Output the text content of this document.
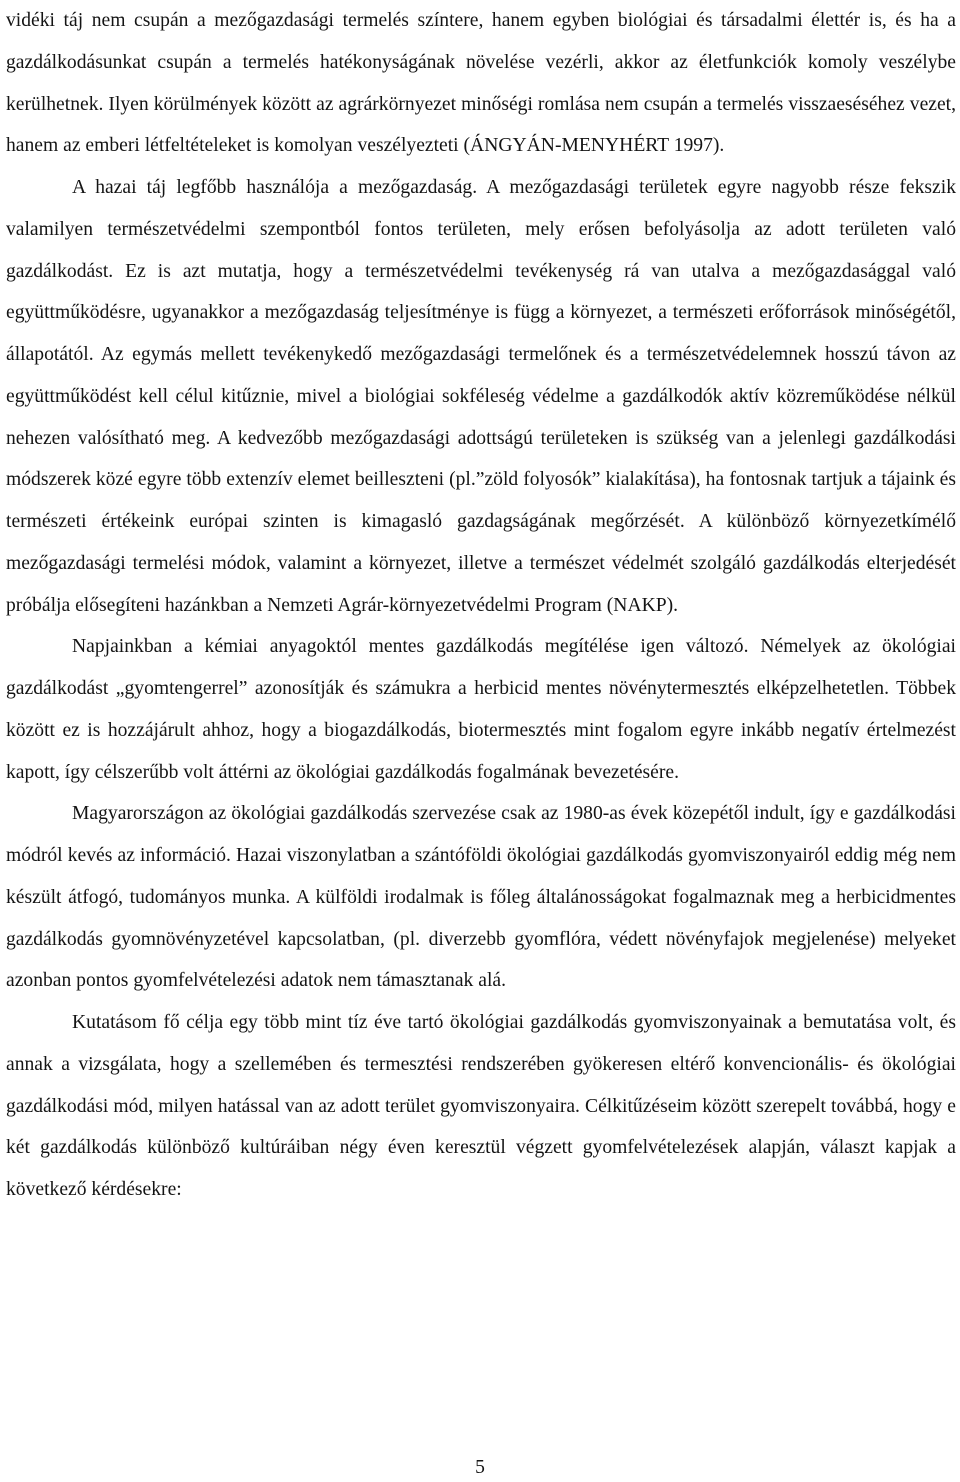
vidéki táj nem csupán a mezőgazdasági termelés színtere, hanem egyben biológiai és társadalmi élettér is, és ha a gazdálkodásunkat csupán a termelés hatékonyságának növelése vezérli, akkor az életfunkciók komoly veszélybe kerülhetnek. Ilyen körülmények között az agrárkörnyezet minőségi romlása nem csupán a termelés visszaeséséhez vezet, hanem az emberi létfeltételeket is komolyan veszélyezteti (ÁNGYÁN-MENYHÉRT 1997).

A hazai táj legfőbb használója a mezőgazdaság. A mezőgazdasági területek egyre nagyobb része fekszik valamilyen természetvédelmi szempontból fontos területen, mely erősen befolyásolja az adott területen való gazdálkodást. Ez is azt mutatja, hogy a természetvédelmi tevékenység rá van utalva a mezőgazdasággal való együttműködésre, ugyanakkor a mezőgazdaság teljesítménye is függ a környezet, a természeti erőforrások minőségétől, állapotától. Az egymás mellett tevékenykedő mezőgazdasági termelőnek és a természetvédelemnek hosszú távon az együttműködést kell célul kitűznie, mivel a biológiai sokféleség védelme a gazdálkodók aktív közreműködése nélkül nehezen valósítható meg. A kedvezőbb mezőgazdasági adottságú területeken is szükség van a jelenlegi gazdálkodási módszerek közé egyre több extenzív elemet beilleszteni (pl.”zöld folyosók” kialakítása), ha fontosnak tartjuk a tájaink és természeti értékeink európai szinten is kimagasló gazdagságának megőrzését. A különböző környezetkímélő mezőgazdasági termelési módok, valamint a környezet, illetve a természet védelmét szolgáló gazdálkodás elterjedését próbálja elősegíteni hazánkban a Nemzeti Agrár-környezetvédelmi Program (NAKP).

Napjainkban a kémiai anyagoktól mentes gazdálkodás megítélése igen változó. Némelyek az ökológiai gazdálkodást „gyomtengerrel” azonosítják és számukra a herbicid mentes növénytermesztés elképzelhetetlen. Többek között ez is hozzájárult ahhoz, hogy a biogazdálkodás, biotermesztés mint fogalom egyre inkább negatív értelmezést kapott, így célszerűbb volt áttérni az ökológiai gazdálkodás fogalmának bevezetésére.

Magyarországon az ökológiai gazdálkodás szervezése csak az 1980-as évek közepétől indult, így e gazdálkodási módról kevés az információ. Hazai viszonylatban a szántóföldi ökológiai gazdálkodás gyomviszonyairól eddig még nem készült átfogó, tudományos munka. A külföldi irodalmak is főleg általánosságokat fogalmaznak meg a herbicidmentes gazdálkodás gyomnövényzetével kapcsolatban, (pl. diverzebb gyomflóra, védett növényfajok megjelenése) melyeket azonban pontos gyomfelvételezési adatok nem támasztanak alá.

Kutatásom fő célja egy több mint tíz éve tartó ökológiai gazdálkodás gyomviszonyainak a bemutatása volt, és annak a vizsgálata, hogy a szellemében és termesztési rendszerében gyökeresen eltérő konvencionális- és ökológiai gazdálkodási mód, milyen hatással van az adott terület gyomviszonyaira. Célkitűzéseim között szerepelt továbbá, hogy e két gazdálkodás különböző kultúráiban négy éven keresztül végzett gyomfelvételezések alapján, választ kapjak a következő kérdésekre:

5
